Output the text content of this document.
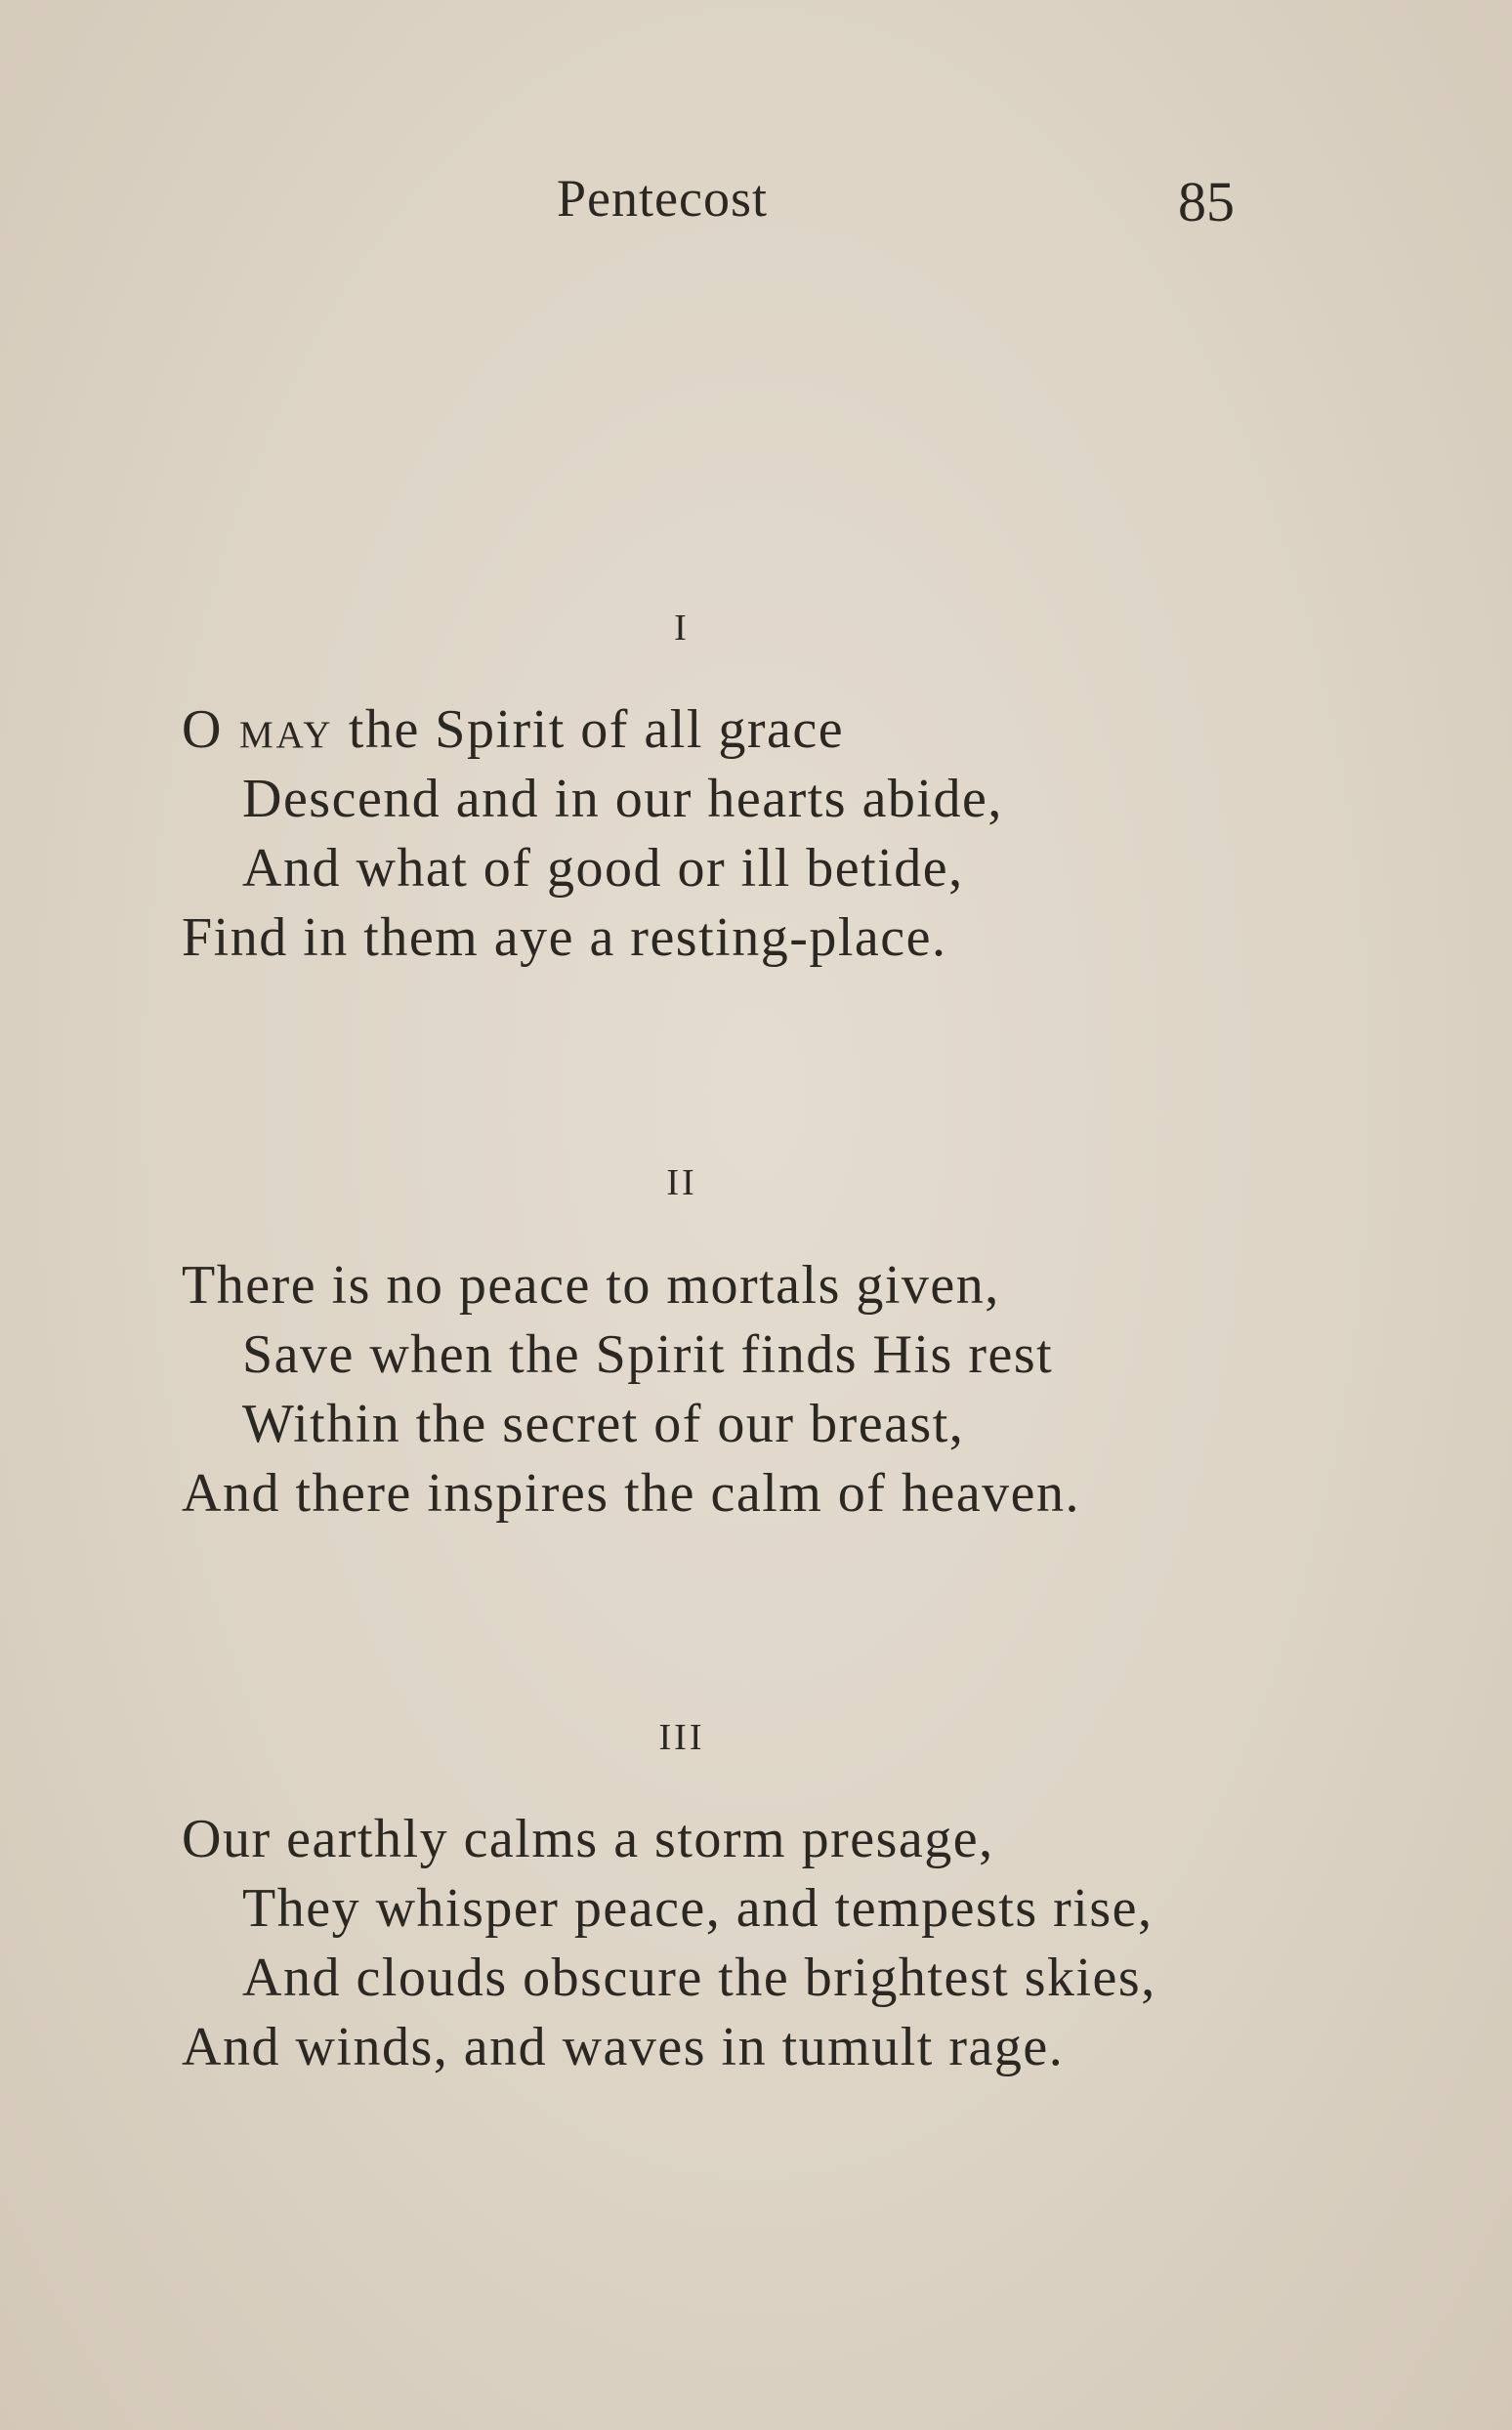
Pentecost	85
I
O may the Spirit of all grace
Descend and in our hearts abide,
And what of good or ill betide,
Find in them aye a resting-place.
II
There is no peace to mortals given,
Save when the Spirit finds His rest
Within the secret of our breast,
And there inspires the calm of heaven.
III
Our earthly calms a storm presage,
They whisper peace, and tempests rise,
And clouds obscure the brightest skies,
And winds, and waves in tumult rage.
